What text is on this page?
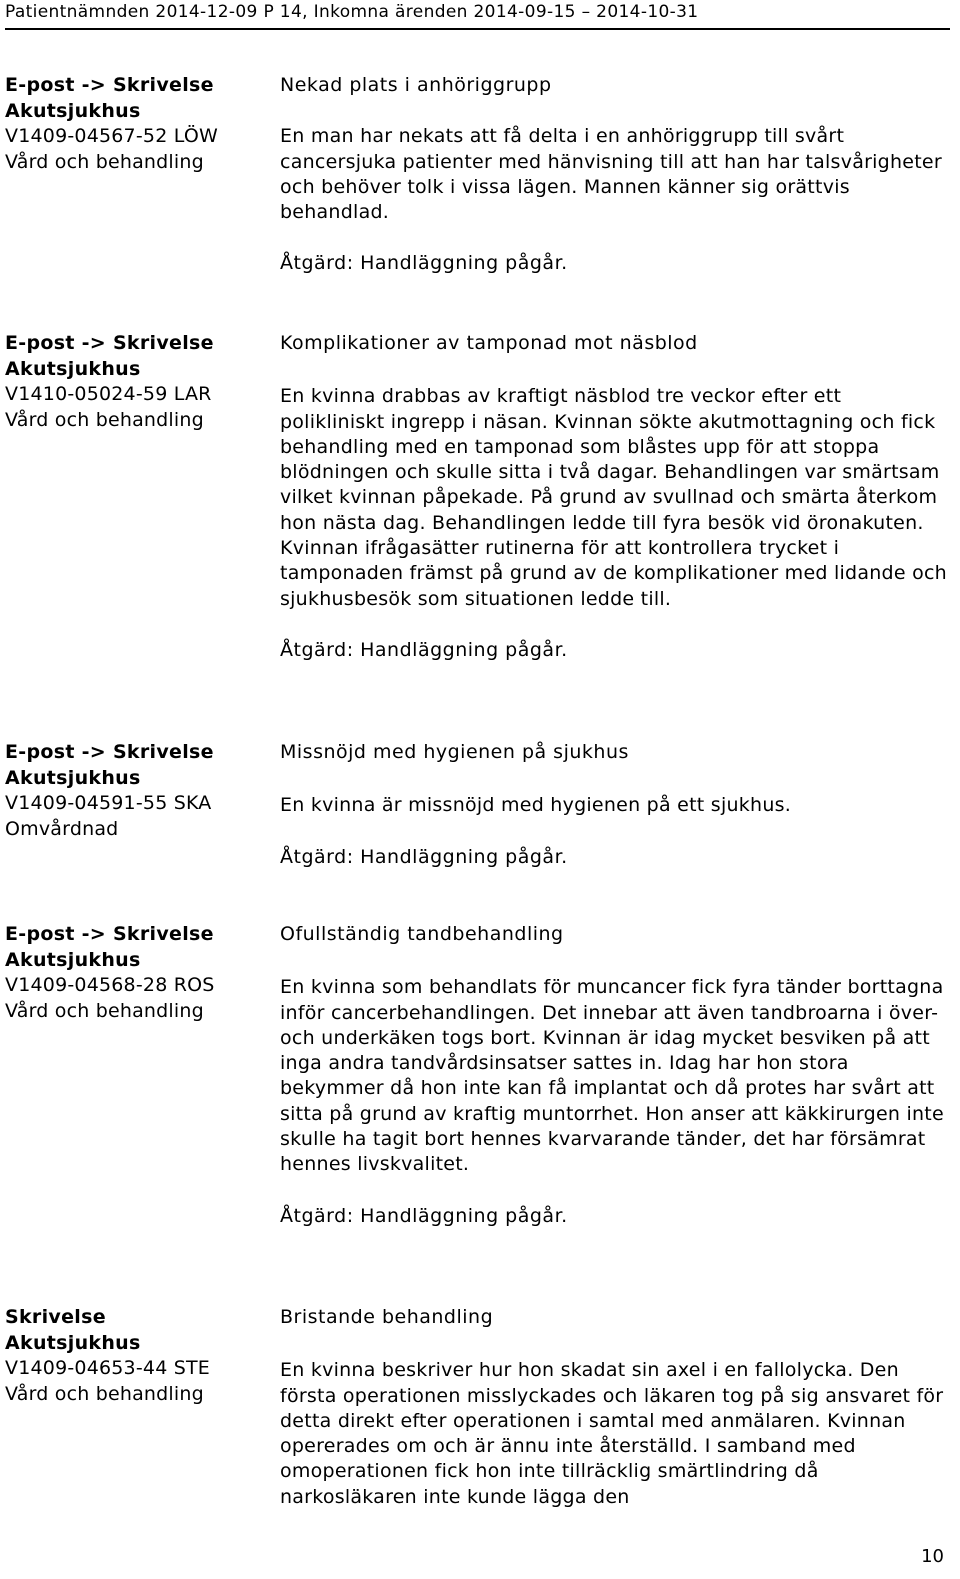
Patientnämnden 2014-12-09 P 14, Inkomna ärenden 2014-09-15 – 2014-10-31
E-post -> Skrivelse
Akutsjukhus
V1409-04567-52 LÖW
Vård och behandling

Nekad plats i anhöriggrupp

En man har nekats att få delta i en anhöriggrupp till svårt cancersjuka patienter med hänvisning till att han har talsvårigheter och behöver tolk i vissa lägen. Mannen känner sig orättvis behandlad.

Åtgärd: Handläggning pågår.

E-post -> Skrivelse
Akutsjukhus
V1410-05024-59 LAR
Vård och behandling

Komplikationer av tamponad mot näsblod

En kvinna drabbas av kraftigt näsblod tre veckor efter ett polikliniskt ingrepp i näsan. Kvinnan sökte akutmottagning och fick behandling med en tamponad som blåstes upp för att stoppa blödningen och skulle sitta i två dagar. Behandlingen var smärtsam vilket kvinnan påpekade. På grund av svullnad och smärta återkom hon nästa dag. Behandlingen ledde till fyra besök vid öronakuten. Kvinnan ifrågasätter rutinerna för att kontrollera trycket i tamponaden främst på grund av de komplikationer med lidande och sjukhusbesök som situationen ledde till.

Åtgärd: Handläggning pågår.

E-post -> Skrivelse
Akutsjukhus
V1409-04591-55 SKA
Omvårdnad

Missnöjd med hygienen på sjukhus

En kvinna är missnöjd med hygienen på ett sjukhus.

Åtgärd: Handläggning pågår.

E-post -> Skrivelse
Akutsjukhus
V1409-04568-28 ROS
Vård och behandling

Ofullständig tandbehandling

En kvinna som behandlats för muncancer fick fyra tänder borttagna inför cancerbehandlingen. Det innebar att även tandbroarna i över- och underkäken togs bort. Kvinnan är idag mycket besviken på att inga andra tandvårdsinsatser sattes in. Idag har hon stora bekymmer då hon inte kan få implantat och då protes har svårt att sitta på grund av kraftig muntorrhet. Hon anser att käkkirurgen inte skulle ha tagit bort hennes kvarvarande tänder, det har försämrat hennes livskvalitet.

Åtgärd: Handläggning pågår.

Skrivelse
Akutsjukhus
V1409-04653-44 STE
Vård och behandling

Bristande behandling

En kvinna beskriver hur hon skadat sin axel i en fallolycka. Den första operationen misslyckades och läkaren tog på sig ansvaret för detta direkt efter operationen i samtal med anmälaren. Kvinnan opererades om och är ännu inte återställd. I samband med omoperationen fick hon inte tillräcklig smärtlindring då narkosläkaren inte kunde lägga den

10
